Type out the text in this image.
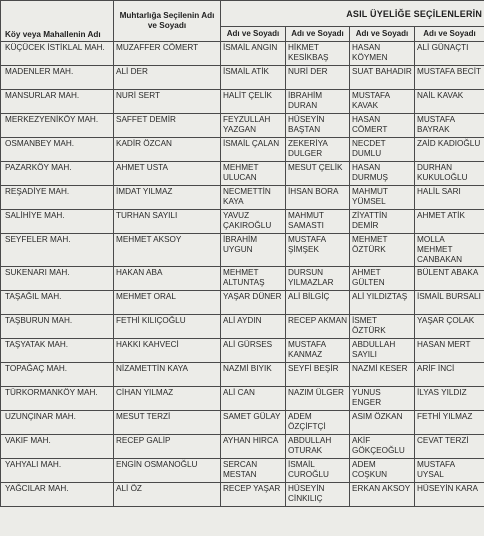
Köy veya Mahallenin Adı	Muhtarlığa Seçilenin Adı ve Soyadı	ASIL ÜYELİĞE SEÇİLENLERİN			
		Adı ve Soyadı	Adı ve Soyadı	Adı ve Soyadı	Adı ve Soyadı
KÜÇÜCEK İSTİKLAL MAH.	MUZAFFER CÖMERT	İSMAİL ANGIN	HİKMET KESİKBAŞ	HASAN KÖYMEN	ALİ GÜNAÇTI
MADENLER MAH.	ALİ DER	İSMAİL ATİK	NURİ DER	SUAT BAHADIR	MUSTAFA BECİT
MANSURLAR MAH.	NURİ SERT	HALİT ÇELİK	İBRAHİM DURAN	MUSTAFA KAVAK	NAİL KAVAK
MERKEZYENİKÖY MAH.	SAFFET DEMİR	FEYZULLAH YAZGAN	HÜSEYİN BAŞTAN	HASAN CÖMERT	MUSTAFA BAYRAK
OSMANBEY MAH.	KADİR ÖZCAN	İSMAİL ÇALAN	ZEKERİYA DULGER	NECDET DUMLU	ZAİD KADIOĞLU
PAZARKÖY MAH.	AHMET USTA	MEHMET ULUCAN	MESUT ÇELİK	HASAN DURMUŞ	DURHAN KUKULOĞLU
REŞADİYE MAH.	İMDAT YILMAZ	NECMETTİN KAYA	İHSAN BORA	MAHMUT YÜMSEL	HALİL SARI
SALİHİYE MAH.	TURHAN SAYILI	YAVUZ ÇAKIROĞLU	MAHMUT SAMASTI	ZİYATTİN DEMİR	AHMET ATİK
SEYFELER MAH.	MEHMET AKSOY	İBRAHİM UYGUN	MUSTAFA ŞİMŞEK	MEHMET ÖZTÜRK	MOLLA MEHMET CANBAKAN
SUKENARI MAH.	HAKAN ABA	MEHMET ALTUNTAŞ	DURSUN YILMAZLAR	AHMET GÜLTEN	BÜLENT ABAKA
TAŞAĞIL MAH.	MEHMET ORAL	YAŞAR DÜNER	ALİ BİLGİÇ	ALİ YILDIZTAŞ	İSMAİL BURSALI
TAŞBURUN MAH.	FETHİ KILIÇOĞLU	ALİ AYDIN	RECEP AKMAN	İSMET ÖZTÜRK	YAŞAR ÇOLAK
TAŞYATAK MAH.	HAKKI KAHVECİ	ALİ GÜRSES	MUSTAFA KANMAZ	ABDULLAH SAYILI	HASAN MERT
TOPAĞAÇ MAH.	NİZAMETTİN KAYA	NAZMİ BIYIK	SEYFİ BEŞİR	NAZMİ KESER	ARİF İNCİ
TÜRKORMANKÖY MAH.	CİHAN YILMAZ	ALİ CAN	NAZIM ÜLGER	YUNUS ENGER	İLYAS YILDIZ
UZUNÇINAR MAH.	MESUT TERZİ	SAMET GÜLAY	ADEM ÖZÇİFTÇİ	ASIM ÖZKAN	FETHİ YILMAZ
VAKIF MAH.	RECEP GALİP	AYHAN HIRCA	ABDULLAH OTURAK	AKİF GÖKÇEOĞLU	CEVAT TERZİ
YAHYALI MAH.	ENGİN OSMANOĞLU	SERCAN MESTAN	İSMAİL CUROĞLU	ADEM COŞKUN	MUSTAFA UYSAL
YAĞCILAR MAH.	ALİ ÖZ	RECEP YAŞAR	HÜSEYİN CİNKILIÇ	ERKAN AKSOY	HÜSEYİN KARA
